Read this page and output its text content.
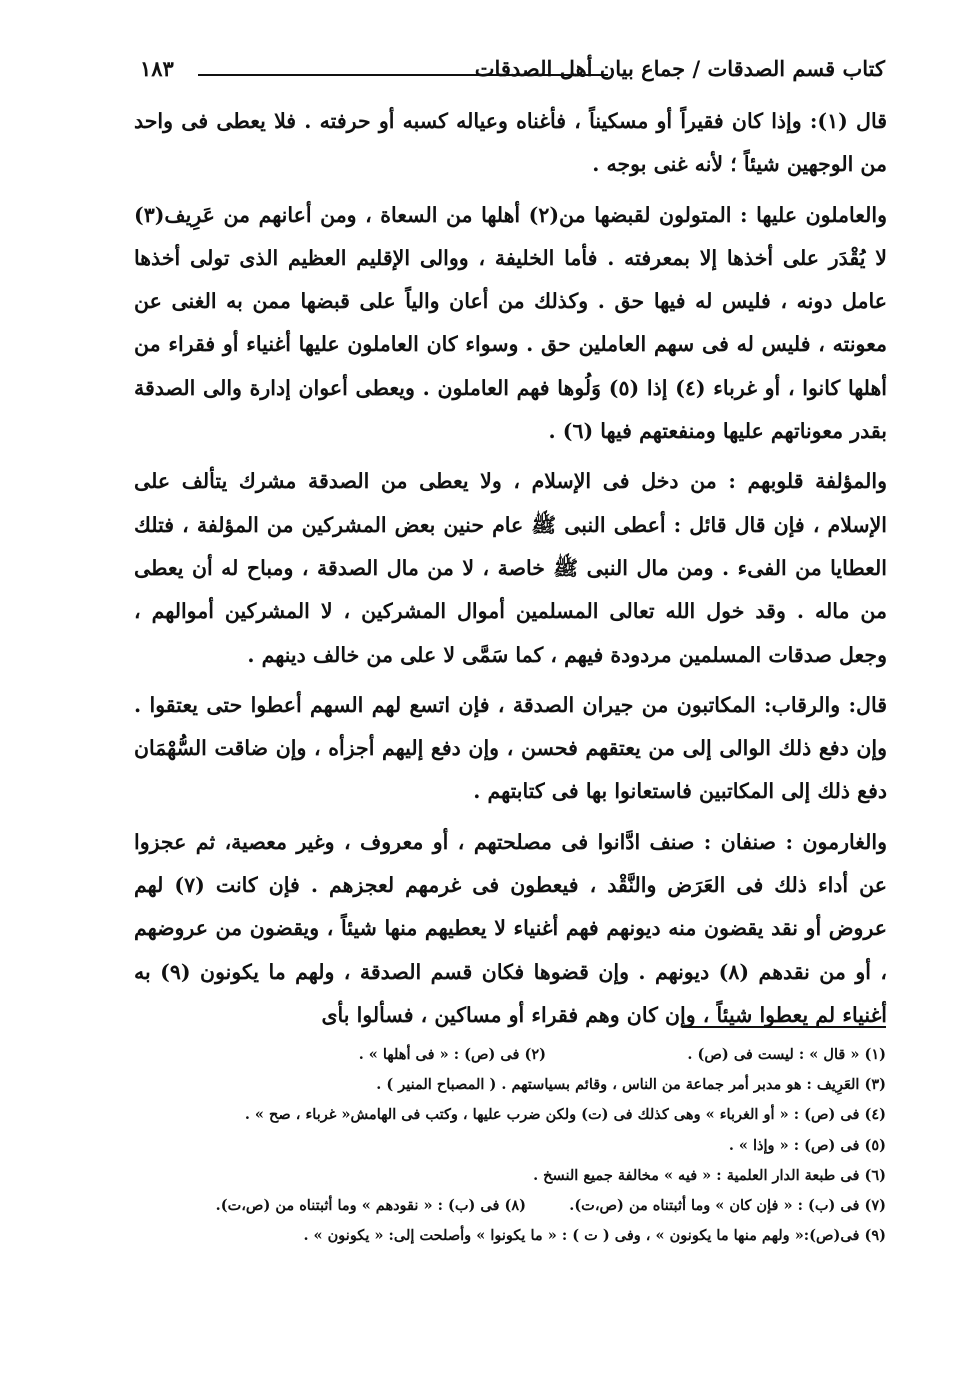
كتاب قسم الصدقات / جماع بيان أهل الصدقات
١٨٣

قال (١): وإذا كان فقيراً أو مسكيناً ، فأغناه وعياله كسبه أو حرفته . فلا يعطى فى واحد من الوجهين شيئاً ؛ لأنه غنى بوجه .

والعاملون عليها : المتولون لقبضها من(٢) أهلها من السعاة ، ومن أعانهم من عَرِيف(٣) لا يُقْدَر على أخذها إلا بمعرفته . فأما الخليفة ، ووالى الإقليم العظيم الذى تولى أخذها عامل دونه ، فليس له فيها حق . وكذلك من أعان والياً على قبضها ممن به الغنى عن معونته ، فليس له فى سهم العاملين حق . وسواء كان العاملون عليها أغنياء أو فقراء من أهلها كانوا ، أو غرباء (٤) إذا (٥) وَلُوها فهم العاملون . ويعطى أعوان إدارة والى الصدقة بقدر معوناتهم عليها ومنفعتهم فيها (٦) .

والمؤلفة قلوبهم : من دخل فى الإسلام ، ولا يعطى من الصدقة مشرك يتألف على الإسلام ، فإن قال قائل : أعطى النبى ﷺ عام حنين بعض المشركين من المؤلفة ، فتلك العطايا من الفىء . ومن مال النبى ﷺ خاصة ، لا من مال الصدقة ، ومباح له أن يعطى من ماله . وقد خول الله تعالى المسلمين أموال المشركين ، لا المشركين أموالهم ، وجعل صدقات المسلمين مردودة فيهم ، كما سَمَّى لا على من خالف دينهم .

قال: والرقاب: المكاتبون من جيران الصدقة ، فإن اتسع لهم السهم أعطوا حتى يعتقوا . وإن دفع ذلك الوالى إلى من يعتقهم فحسن ، وإن دفع إليهم أجزأه ، وإن ضاقت السُّهْمَان دفع ذلك إلى المكاتبين فاستعانوا بها فى كتابتهم .

والغارمون : صنفان : صنف ادَّانوا فى مصلحتهم ، أو معروف ، وغير معصية، ثم عجزوا عن أداء ذلك فى العَرَض والنَّقْد ، فيعطون فى غرمهم لعجزهم . فإن كانت (٧) لهم عروض أو نقد يقضون منه ديونهم فهم أغنياء لا يعطيهم منها شيئاً ، ويقضون من عروضهم ، أو من نقدهم (٨) ديونهم . وإن قضوها فكان قسم الصدقة ، ولهم ما يكونون (٩) به أغنياء لم يعطوا شيئاً ، وإن كان وهم فقراء أو مساكين ، فسألوا بأى

(١) « قال » : ليست فى (ص) .
(٢) فى (ص) : « فى أهلها » .
(٣) العَرِيف : هو مدبر أمر جماعة من الناس ، وقائم بسياستهم . ( المصباح المنير ) .
(٤) فى (ص) : « أو الغرباء » وهى كذلك فى (ت) ولكن ضرب عليها ، وكتب فى الهامش« غرباء ، صح » .
(٥) فى (ص) : « وإذا » .
(٦) فى طبعة الدار العلمية : « فيه » مخالفة جميع النسخ .
(٧) فى (ب) : « فإن كان » وما أثبتناه من (ص،ت).
(٨) فى (ب) : « نقودهم » وما أثبتناه من (ص،ت).
(٩) فى(ص):« ولهم منها ما يكونون » ، وفى ( ت ) : « ما يكونوا » وأصلحت إلى: « يكونون » .
